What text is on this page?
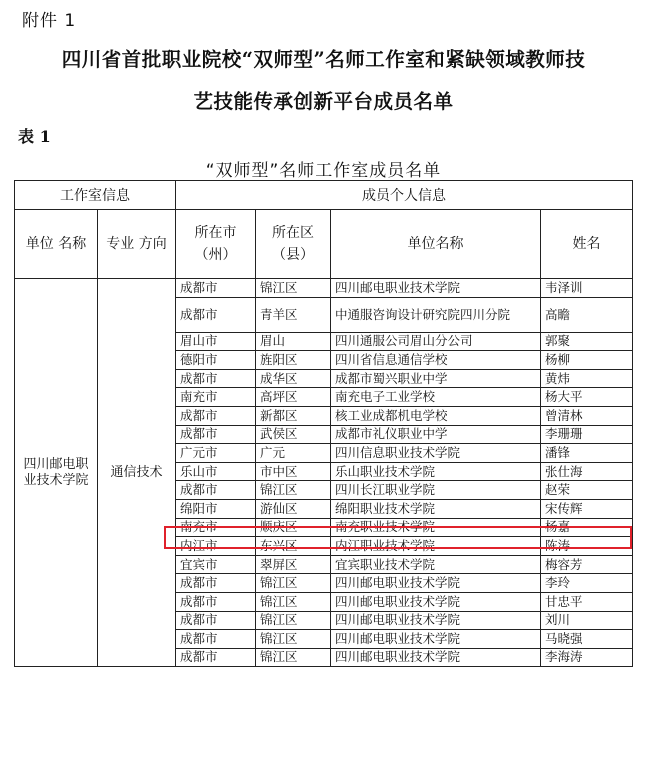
附件 1
四川省首批职业院校“双师型”名师工作室和紧缺领域教师技
艺技能传承创新平台成员名单
表 1
“双师型”名师工作室成员名单
工作室信息		成员个人信息			
单位 名称	专业 方向	所在市 （州）	所在区 （县）	单位名称	姓名
四川邮电职业技术学院	通信技术	成都市	锦江区	四川邮电职业技术学院	韦泽训
		成都市	青羊区	中通服咨询设计研究院四川分院	高瞻
		眉山市	眉山	四川通服公司眉山分公司	郭聚
		德阳市	旌阳区	四川省信息通信学校	杨柳
		成都市	成华区	成都市蜀兴职业中学	黄炜
		南充市	高坪区	南充电子工业学校	杨大平
		成都市	新都区	核工业成都机电学校	曾清林
		成都市	武侯区	成都市礼仪职业中学	李珊珊
		广元市	广元	四川信息职业技术学院	潘锋
		乐山市	市中区	乐山职业技术学院	张仕海
		成都市	锦江区	四川长江职业学院	赵荣
		绵阳市	游仙区	绵阳职业技术学院	宋传辉
		南充市	顺庆区	南充职业技术学院	杨嘉
		内江市	东兴区	内江职业技术学院	陈涛
		宜宾市	翠屏区	宜宾职业技术学院	梅容芳
		成都市	锦江区	四川邮电职业技术学院	李玲
		成都市	锦江区	四川邮电职业技术学院	甘忠平
		成都市	锦江区	四川邮电职业技术学院	刘川
		成都市	锦江区	四川邮电职业技术学院	马晓强
		成都市	锦江区	四川邮电职业技术学院	李海涛
